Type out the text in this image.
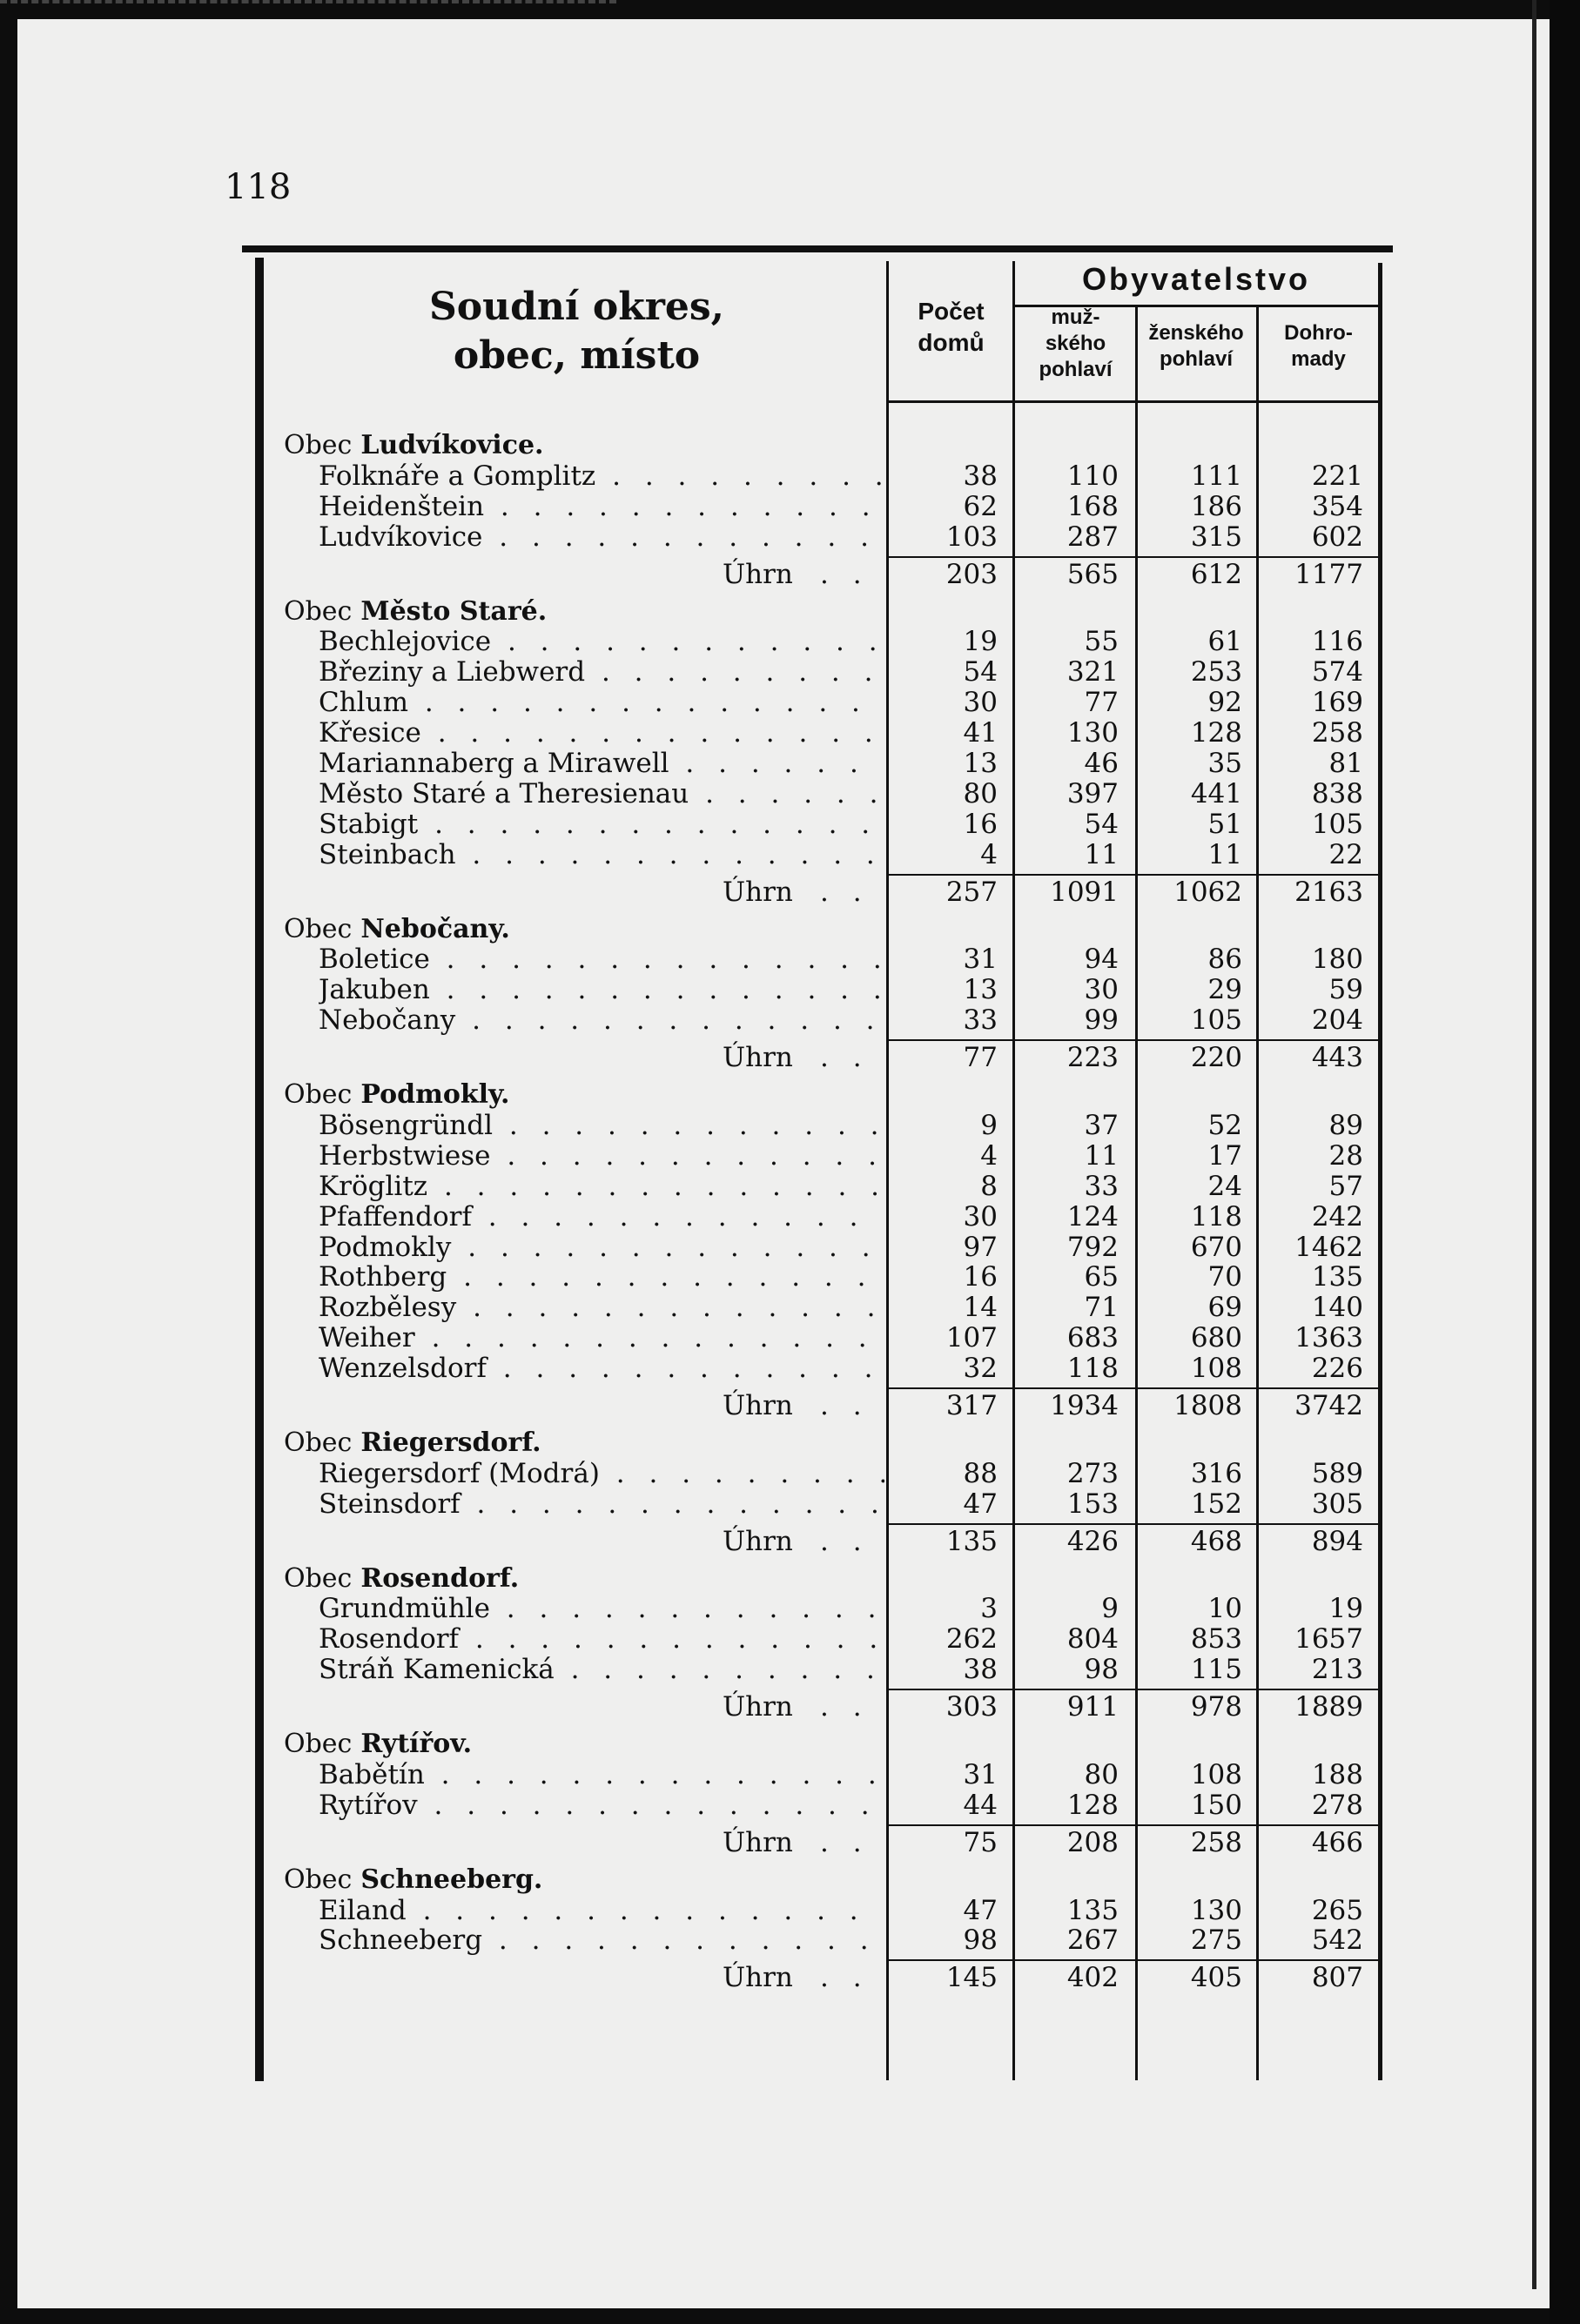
118
Soudní okres,
obec, místo
Počet
domů
Obyvatelstvo
muž-
ského
pohlaví
ženského
pohlaví
Dohro-
mady
Obec Ludvíkovice.
Folknáře a Gomplitz . . .	38	110	111	221
Heidenštein . . .	62	168	186	354
Ludvíkovice . . .	103	287	315	602
Úhrn . .	203	565	612	1177
Obec Město Staré.
Bechlejovice . . .	19	55	61	116
Březiny a Liebwerd . . .	54	321	253	574
Chlum . . .	30	77	92	169
Křesice . . .	41	130	128	258
Mariannaberg a Mirawell . . .	13	46	35	81
Město Staré a Theresienau . . .	80	397	441	838
Stabigt . . .	16	54	51	105
Steinbach . . .	4	11	11	22
Úhrn . .	257	1091	1062	2163
Obec Nebočany.
Boletice . . .	31	94	86	180
Jakuben . . .	13	30	29	59
Nebočany . . .	33	99	105	204
Úhrn . .	77	223	220	443
Obec Podmokly.
Bösengründl . . .	9	37	52	89
Herbstwiese . . .	4	11	17	28
Kröglitz . . .	8	33	24	57
Pfaffendorf . . .	30	124	118	242
Podmokly . . .	97	792	670	1462
Rothberg . . .	16	65	70	135
Rozbělesy . . .	14	71	69	140
Weiher . . .	107	683	680	1363
Wenzelsdorf . . .	32	118	108	226
Úhrn . .	317	1934	1808	3742
Obec Riegersdorf.
Riegersdorf (Modrá) . . .	88	273	316	589
Steinsdorf . . .	47	153	152	305
Úhrn . .	135	426	468	894
Obec Rosendorf.
Grundmühle . . .	3	9	10	19
Rosendorf . . .	262	804	853	1657
Stráň Kamenická . . .	38	98	115	213
Úhrn . .	303	911	978	1889
Obec Rytířov.
Babětín . . .	31	80	108	188
Rytířov . . .	44	128	150	278
Úhrn . .	75	208	258	466
Obec Schneeberg.
Eiland . . .	47	135	130	265
Schneeberg . . .	98	267	275	542
Úhrn . .	145	402	405	807
